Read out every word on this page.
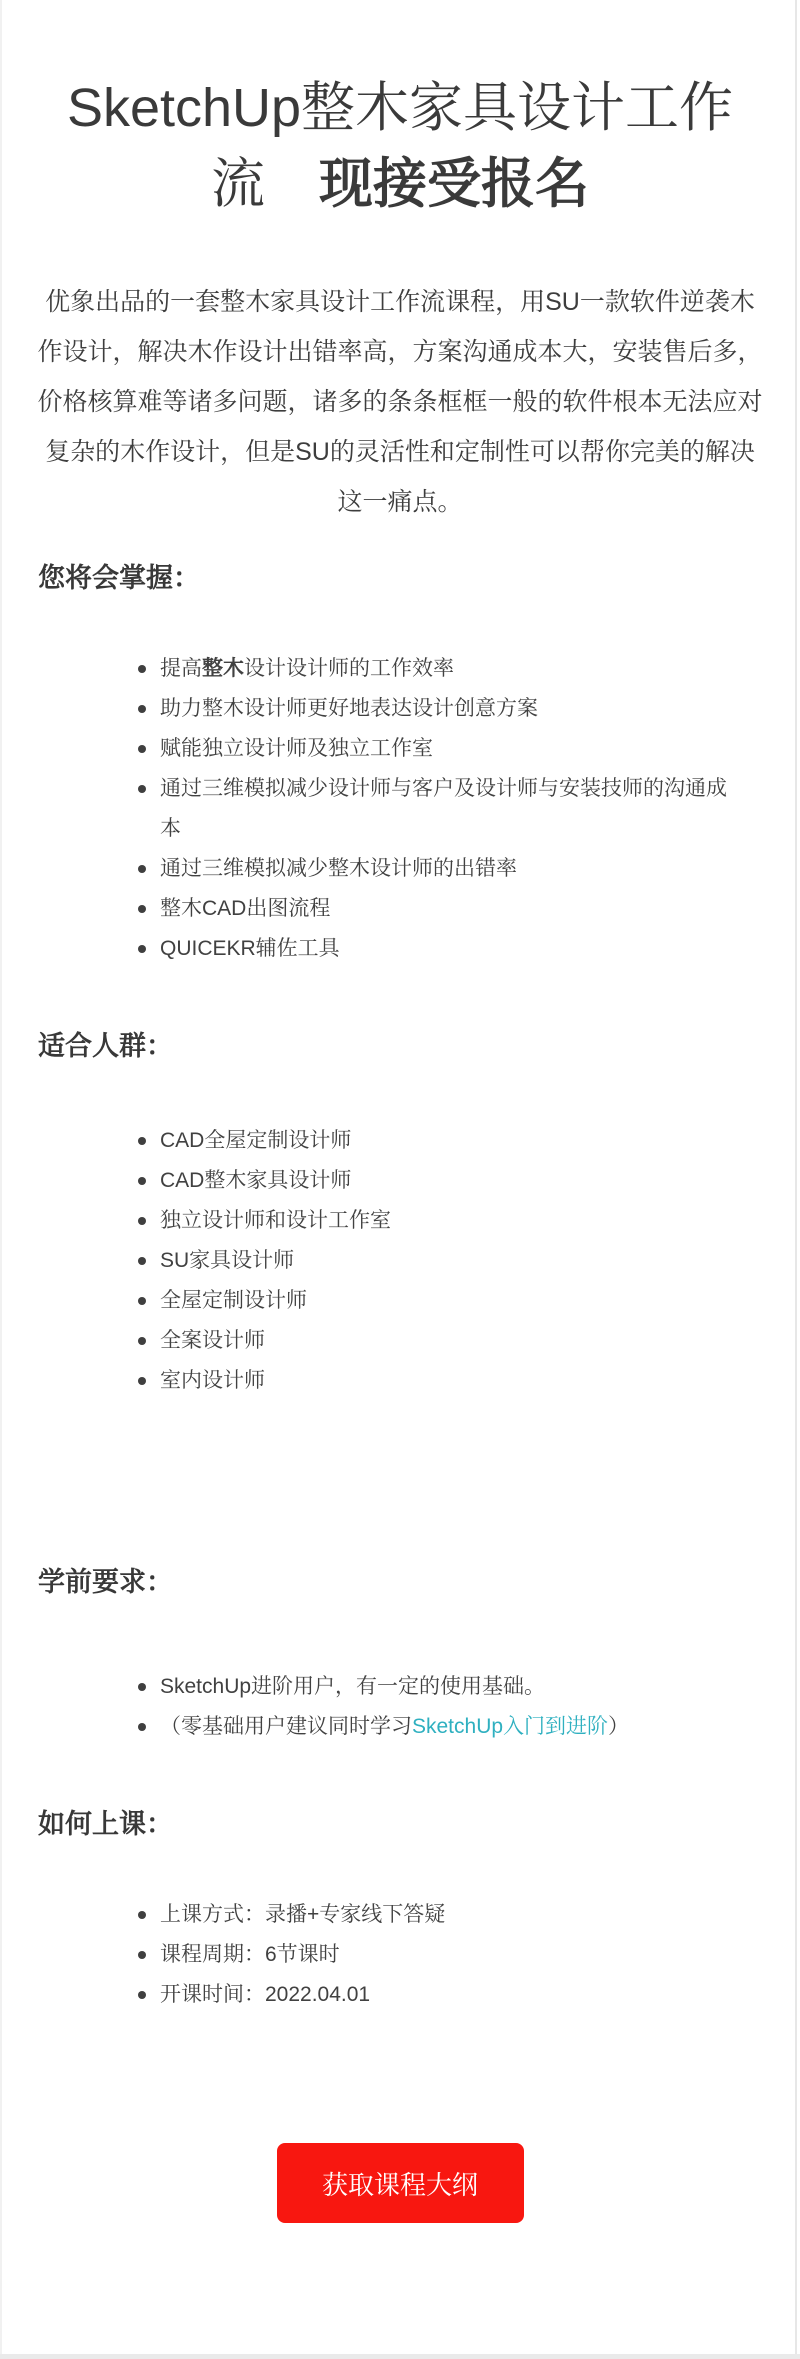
SketchUp整木家具设计工作
流  现接受报名

优象出品的一套整木家具设计工作流课程，用SU一款软件逆袭木作设计，解决木作设计出错率高，方案沟通成本大，安装售后多，价格核算难等诸多问题，诸多的条条框框一般的软件根本无法应对复杂的木作设计，但是SU的灵活性和定制性可以帮你完美的解决这一痛点。

您将会掌握：
提高整木设计设计师的工作效率
助力整木设计师更好地表达设计创意方案
赋能独立设计师及独立工作室
通过三维模拟减少设计师与客户及设计师与安装技师的沟通成本
通过三维模拟减少整木设计师的出错率
整木CAD出图流程
QUICEKR辅佐工具
适合人群：
CAD全屋定制设计师
CAD整木家具设计师
独立设计师和设计工作室
SU家具设计师
全屋定制设计师
全案设计师
室内设计师
学前要求：
SketchUp进阶用户，有一定的使用基础。
（零基础用户建议同时学习SketchUp入门到进阶）
如何上课：
上课方式：录播+专家线下答疑
课程周期：6节课时
开课时间：2022.04.01
获取课程大纲
